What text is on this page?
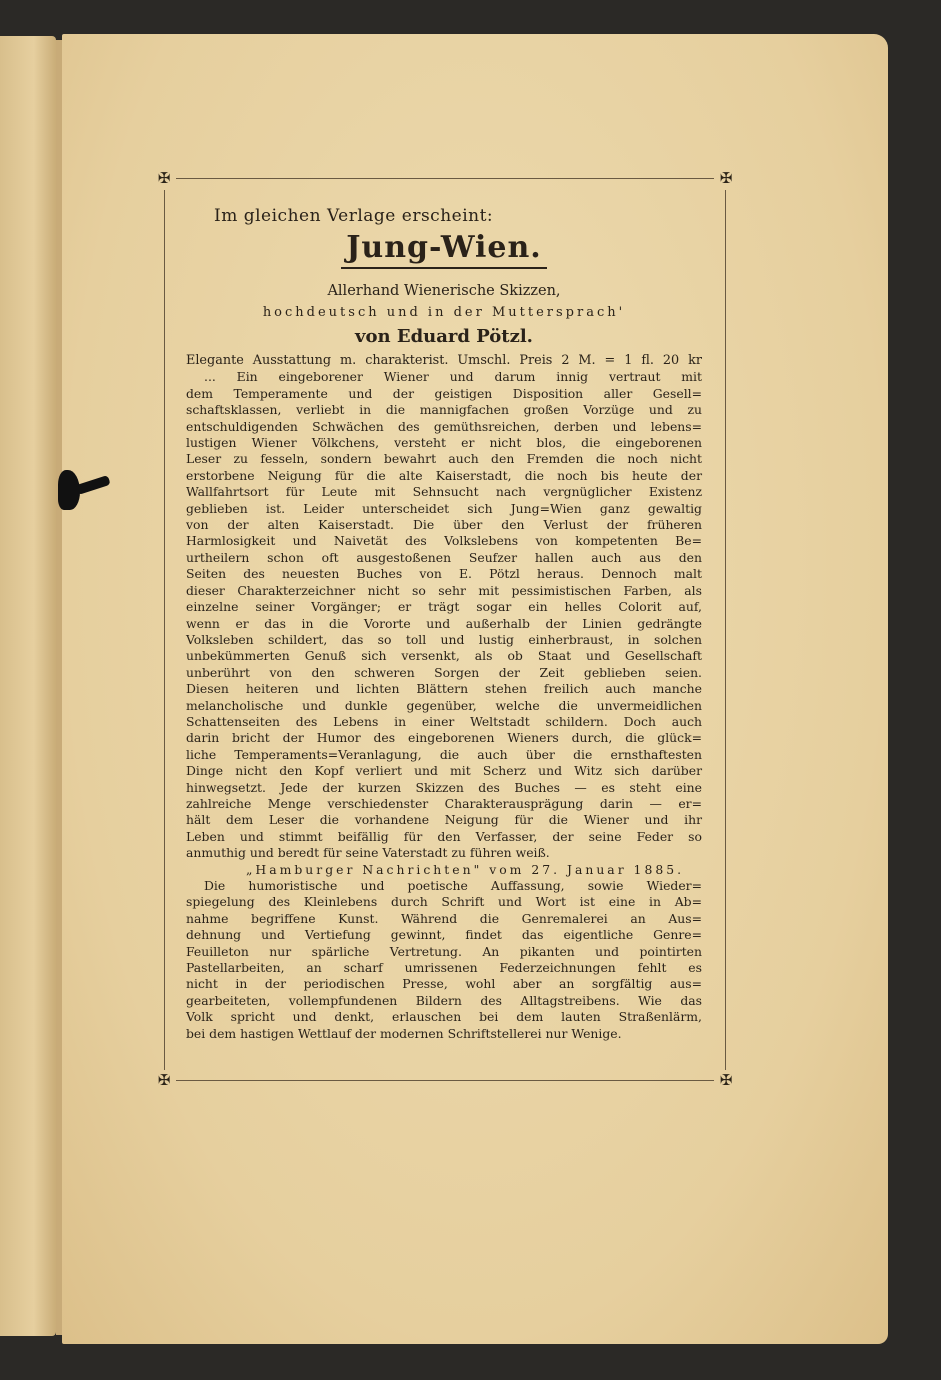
✠	✠
✠	✠
Im gleichen Verlage erscheint:
Jung-Wien.
Allerhand Wienerische Skizzen,
hochdeutsch und in der Muttersprach'
von Eduard Pötzl.
Elegante Ausstattung m. charakterist. Umschl. Preis 2 M. = 1 fl. 20 kr
... Ein eingeborener Wiener und darum innig vertraut mit
dem Temperamente und der geistigen Disposition aller Gesell=
schaftsklassen, verliebt in die mannigfachen großen Vorzüge und zu
entschuldigenden Schwächen des gemüthsreichen, derben und lebens=
lustigen Wiener Völkchens, versteht er nicht blos, die eingeborenen
Leser zu fesseln, sondern bewahrt auch den Fremden die noch nicht
erstorbene Neigung für die alte Kaiserstadt, die noch bis heute der
Wallfahrtsort für Leute mit Sehnsucht nach vergnüglicher Existenz
geblieben ist. Leider unterscheidet sich Jung=Wien ganz gewaltig
von der alten Kaiserstadt. Die über den Verlust der früheren
Harmlosigkeit und Naivetät des Volkslebens von kompetenten Be=
urtheilern schon oft ausgestoßenen Seufzer hallen auch aus den
Seiten des neuesten Buches von E. Pötzl heraus. Dennoch malt
dieser Charakterzeichner nicht so sehr mit pessimistischen Farben, als
einzelne seiner Vorgänger; er trägt sogar ein helles Colorit auf,
wenn er das in die Vororte und außerhalb der Linien gedrängte
Volksleben schildert, das so toll und lustig einherbraust, in solchen
unbekümmerten Genuß sich versenkt, als ob Staat und Gesellschaft
unberührt von den schweren Sorgen der Zeit geblieben seien.
Diesen heiteren und lichten Blättern stehen freilich auch manche
melancholische und dunkle gegenüber, welche die unvermeidlichen
Schattenseiten des Lebens in einer Weltstadt schildern. Doch auch
darin bricht der Humor des eingeborenen Wieners durch, die glück=
liche Temperaments=Veranlagung, die auch über die ernsthaftesten
Dinge nicht den Kopf verliert und mit Scherz und Witz sich darüber
hinwegsetzt. Jede der kurzen Skizzen des Buches — es steht eine
zahlreiche Menge verschiedenster Charakterausprägung darin — er=
hält dem Leser die vorhandene Neigung für die Wiener und ihr
Leben und stimmt beifällig für den Verfasser, der seine Feder so
anmuthig und beredt für seine Vaterstadt zu führen weiß.
„Hamburger Nachrichten" vom 27. Januar 1885.
Die humoristische und poetische Auffassung, sowie Wieder=
spiegelung des Kleinlebens durch Schrift und Wort ist eine in Ab=
nahme begriffene Kunst. Während die Genremalerei an Aus=
dehnung und Vertiefung gewinnt, findet das eigentliche Genre=
Feuilleton nur spärliche Vertretung. An pikanten und pointirten
Pastellarbeiten, an scharf umrissenen Federzeichnungen fehlt es
nicht in der periodischen Presse, wohl aber an sorgfältig aus=
gearbeiteten, vollempfundenen Bildern des Alltagstreibens. Wie das
Volk spricht und denkt, erlauschen bei dem lauten Straßenlärm,
bei dem hastigen Wettlauf der modernen Schriftstellerei nur Wenige.
